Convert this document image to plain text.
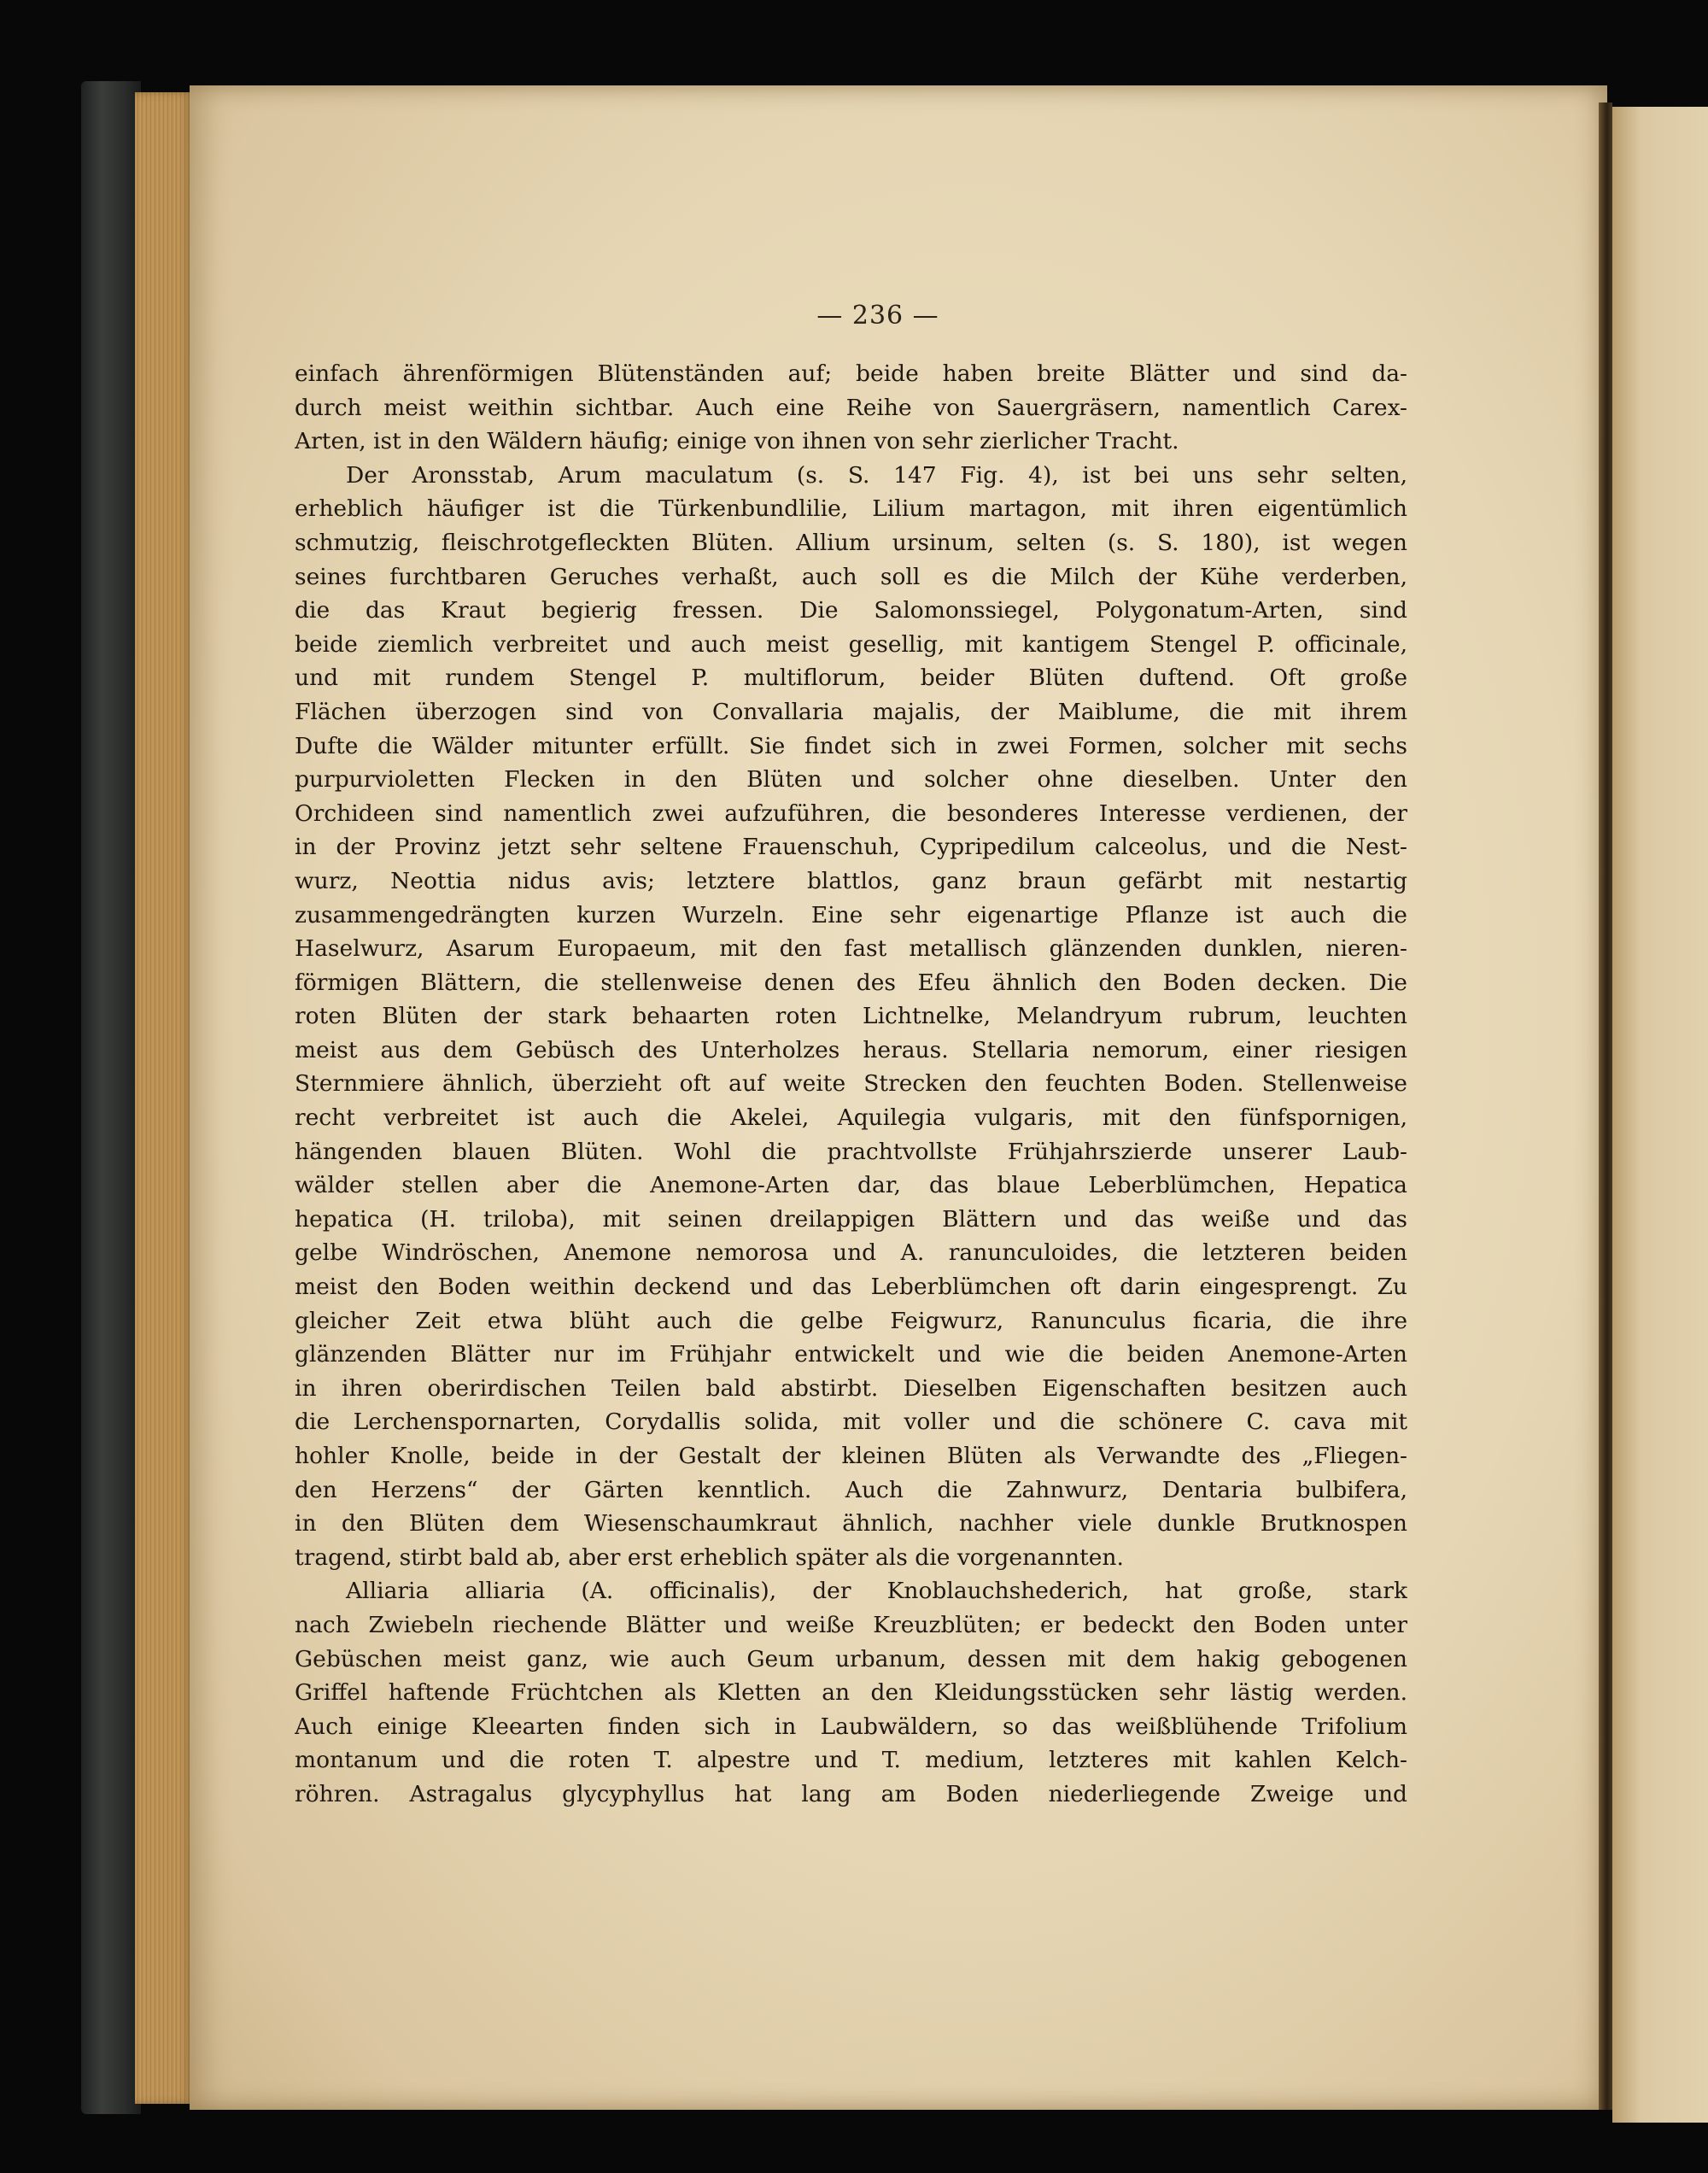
— 236 —
einfach ährenförmigen Blütenständen auf; beide haben breite Blätter und sind da-
durch meist weithin sichtbar. Auch eine Reihe von Sauergräsern, namentlich Carex-
Arten, ist in den Wäldern häufig; einige von ihnen von sehr zierlicher Tracht.
Der Aronsstab, Arum maculatum (s. S. 147 Fig. 4), ist bei uns sehr selten,
erheblich häufiger ist die Türkenbundlilie, Lilium martagon, mit ihren eigentümlich
schmutzig, fleischrotgefleckten Blüten. Allium ursinum, selten (s. S. 180), ist wegen
seines furchtbaren Geruches verhaßt, auch soll es die Milch der Kühe verderben,
die das Kraut begierig fressen. Die Salomonssiegel, Polygonatum-Arten, sind
beide ziemlich verbreitet und auch meist gesellig, mit kantigem Stengel P. officinale,
und mit rundem Stengel P. multiflorum, beider Blüten duftend. Oft große
Flächen überzogen sind von Convallaria majalis, der Maiblume, die mit ihrem
Dufte die Wälder mitunter erfüllt. Sie findet sich in zwei Formen, solcher mit sechs
purpurvioletten Flecken in den Blüten und solcher ohne dieselben. Unter den
Orchideen sind namentlich zwei aufzuführen, die besonderes Interesse verdienen, der
in der Provinz jetzt sehr seltene Frauenschuh, Cypripedilum calceolus, und die Nest-
wurz, Neottia nidus avis; letztere blattlos, ganz braun gefärbt mit nestartig
zusammengedrängten kurzen Wurzeln. Eine sehr eigenartige Pflanze ist auch die
Haselwurz, Asarum Europaeum, mit den fast metallisch glänzenden dunklen, nieren-
förmigen Blättern, die stellenweise denen des Efeu ähnlich den Boden decken. Die
roten Blüten der stark behaarten roten Lichtnelke, Melandryum rubrum, leuchten
meist aus dem Gebüsch des Unterholzes heraus. Stellaria nemorum, einer riesigen
Sternmiere ähnlich, überzieht oft auf weite Strecken den feuchten Boden. Stellenweise
recht verbreitet ist auch die Akelei, Aquilegia vulgaris, mit den fünfspornigen,
hängenden blauen Blüten. Wohl die prachtvollste Frühjahrszierde unserer Laub-
wälder stellen aber die Anemone-Arten dar, das blaue Leberblümchen, Hepatica
hepatica (H. triloba), mit seinen dreilappigen Blättern und das weiße und das
gelbe Windröschen, Anemone nemorosa und A. ranunculoides, die letzteren beiden
meist den Boden weithin deckend und das Leberblümchen oft darin eingesprengt. Zu
gleicher Zeit etwa blüht auch die gelbe Feigwurz, Ranunculus ficaria, die ihre
glänzenden Blätter nur im Frühjahr entwickelt und wie die beiden Anemone-Arten
in ihren oberirdischen Teilen bald abstirbt. Dieselben Eigenschaften besitzen auch
die Lerchenspornarten, Corydallis solida, mit voller und die schönere C. cava mit
hohler Knolle, beide in der Gestalt der kleinen Blüten als Verwandte des „Fliegen-
den Herzens“ der Gärten kenntlich. Auch die Zahnwurz, Dentaria bulbifera,
in den Blüten dem Wiesenschaumkraut ähnlich, nachher viele dunkle Brutknospen
tragend, stirbt bald ab, aber erst erheblich später als die vorgenannten.
Alliaria alliaria (A. officinalis), der Knoblauchshederich, hat große, stark
nach Zwiebeln riechende Blätter und weiße Kreuzblüten; er bedeckt den Boden unter
Gebüschen meist ganz, wie auch Geum urbanum, dessen mit dem hakig gebogenen
Griffel haftende Früchtchen als Kletten an den Kleidungsstücken sehr lästig werden.
Auch einige Kleearten finden sich in Laubwäldern, so das weißblühende Trifolium
montanum und die roten T. alpestre und T. medium, letzteres mit kahlen Kelch-
röhren. Astragalus glycyphyllus hat lang am Boden niederliegende Zweige und
